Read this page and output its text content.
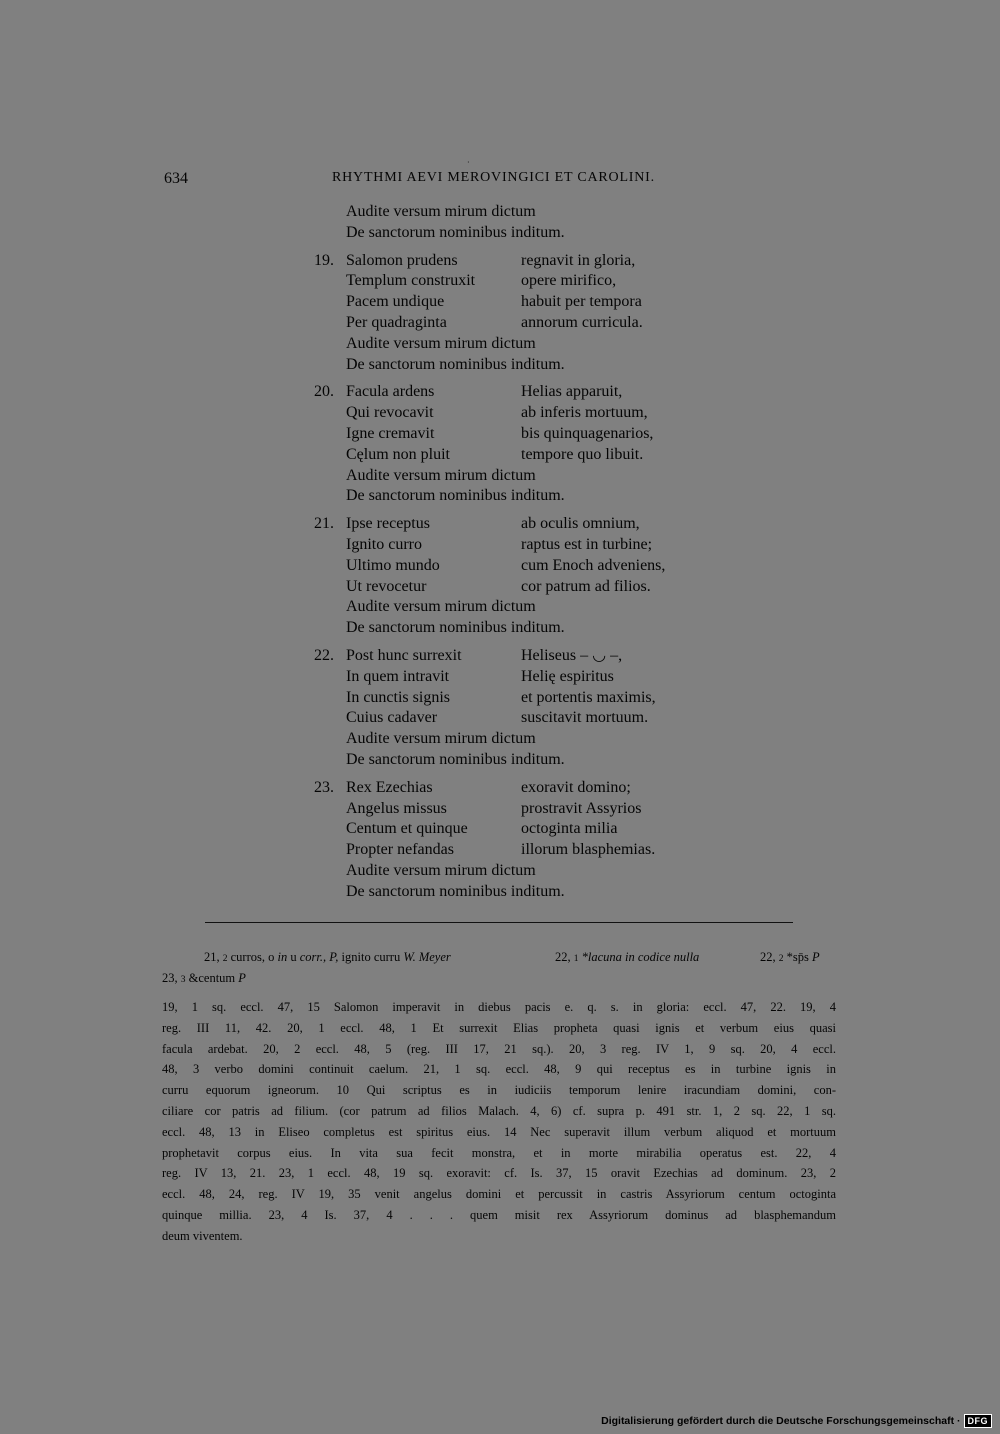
·
634	RHYTHMI AEVI MEROVINGICI ET CAROLINI.
Audite versum mirum dictum
De sanctorum nominibus inditum.
19. Salomon prudens	regnavit in gloria,
Templum construxit	opere mirifico,
Pacem undique	habuit per tempora
Per quadraginta	annorum curricula.
Audite versum mirum dictum
De sanctorum nominibus inditum.
20. Facula ardens	Helias apparuit,
Qui revocavit	ab inferis mortuum,
Igne cremavit	bis quinquagenarios,
Cęlum non pluit	tempore quo libuit.
Audite versum mirum dictum
De sanctorum nominibus inditum.
21. Ipse receptus	ab oculis omnium,
Ignito curro	raptus est in turbine;
Ultimo mundo	cum Enoch adveniens,
Ut revocetur	cor patrum ad filios.
Audite versum mirum dictum
De sanctorum nominibus inditum.
22. Post hunc surrexit	Heliseus – ◡ –,
In quem intravit	Helię espiritus
In cunctis signis	et portentis maximis,
Cuius cadaver	suscitavit mortuum.
Audite versum mirum dictum
De sanctorum nominibus inditum.
23. Rex Ezechias	exoravit domino;
Angelus missus	prostravit Assyrios
Centum et quinque	octoginta milia
Propter nefandas	illorum blasphemias.
Audite versum mirum dictum
De sanctorum nominibus inditum.
21, 2 curros, o in u corr., P, ignito curru W. Meyer	22, 1 *lacuna in codice nulla	22, 2 *sp̄s P
23, 3 &centum P
19, 1 sq. eccl. 47, 15 Salomon imperavit in diebus pacis e. q. s. in gloria: eccl. 47, 22. 19, 4
reg. III 11, 42. 20, 1 eccl. 48, 1 Et surrexit Elias propheta quasi ignis et verbum eius quasi
facula ardebat. 20, 2 eccl. 48, 5 (reg. III 17, 21 sq.). 20, 3 reg. IV 1, 9 sq. 20, 4 eccl.
48, 3 verbo domini continuit caelum. 21, 1 sq. eccl. 48, 9 qui receptus es in turbine ignis in
curru equorum igneorum. 10 Qui scriptus es in iudiciis temporum lenire iracundiam domini, con-
ciliare cor patris ad filium. (cor patrum ad filios Malach. 4, 6) cf. supra p. 491 str. 1, 2 sq. 22, 1 sq.
eccl. 48, 13 in Eliseo completus est spiritus eius. 14 Nec superavit illum verbum aliquod et mortuum
prophetavit corpus eius. In vita sua fecit monstra, et in morte mirabilia operatus est. 22, 4
reg. IV 13, 21. 23, 1 eccl. 48, 19 sq. exoravit: cf. Is. 37, 15 oravit Ezechias ad dominum. 23, 2
eccl. 48, 24, reg. IV 19, 35 venit angelus domini et percussit in castris Assyriorum centum octoginta
quinque millia. 23, 4 Is. 37, 4 . . . quem misit rex Assyriorum dominus ad blasphemandum
deum viventem.
Digitalisierung gefördert durch die Deutsche Forschungsgemeinschaft · DFG
